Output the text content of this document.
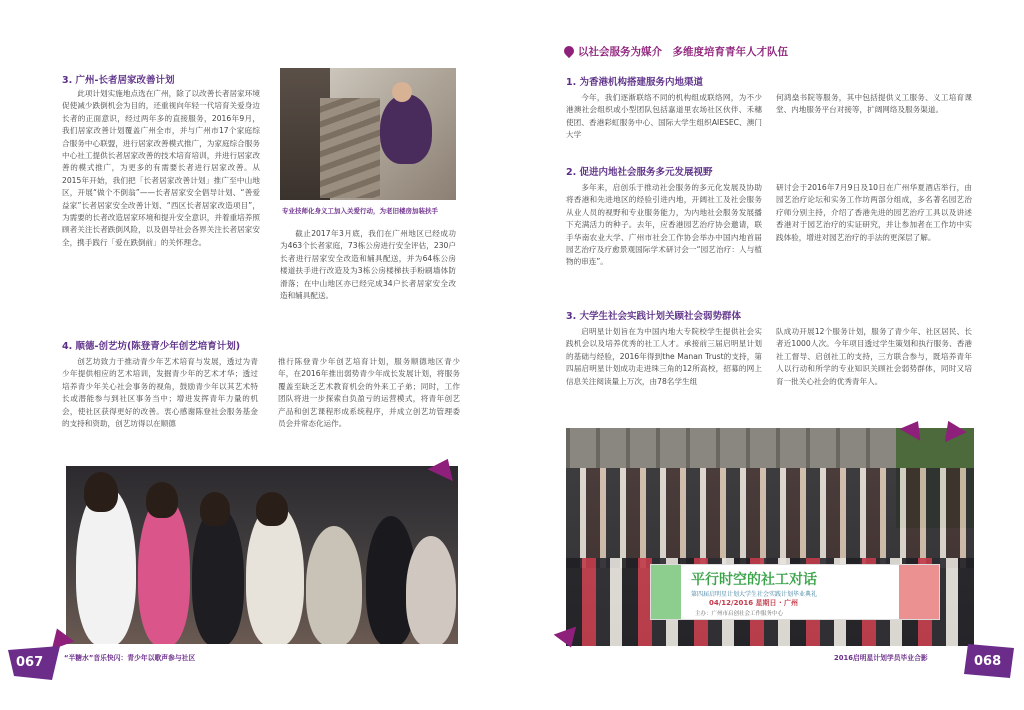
3. 广州-长者居家改善计划

此项计划实施地点选在广州，除了以改善长者居家环境促使减少跌倒机会为目的，还重视向年轻一代培育关爱身边长者的正面意识，经过两年多的直接服务，2016年9月，我们居家改善计划覆盖广州全市，并与广州市17个家庭综合服务中心联盟，进行居家改善模式推广，为家庭综合服务中心社工提供长者居家改善的技术培育培训，并进行居家改善的模式推广，为更多的有需要长者进行居家改善。从2015年开始，我们把「长者居家改善计划」推广至中山地区，开展“做个不倒翁”——长者居家安全倡导计划、“善爱益家”长者居家安全改善计划、“西区长者居家改造项目”，为需要的长者改造居家环境和提升安全意识，并着重培养照顾者关注长者跌倒风险，以及倡导社会各界关注长者居家安全，携手践行「爱在跌倒前」的关怀理念。

专业技师化身义工加入关爱行动，为老旧楼房加装扶手

截止2017年3月底，我们在广州地区已经成功为463个长者家庭，73栋公房进行安全评估，230户长者进行居家安全改造和辅具配送，并为64栋公房楼道扶手进行改造及为3栋公房楼梯扶手粉刷墙体防滑落；在中山地区亦已经完成34户长者居家安全改造和辅具配送。

4. 顺德-创艺坊(陈登青少年创艺培育计划)

创艺坊致力于推动青少年艺术培育与发展，透过为青少年提供相应的艺术培训，发掘青少年的艺术才华；透过培养青少年关心社会事务的视角，鼓励青少年以其艺术特长或潜能参与到社区事务当中；增进发挥青年力量的机会，使社区获得更好的改善。衷心感谢陈登社会服务基金的支持和资助，创艺坊得以在顺德

推行陈登青少年创艺培育计划，服务顺德地区青少年，在2016年推出弱势青少年成长发展计划，将服务覆盖至缺乏艺术教育机会的外来工子弟；同时，工作团队将进一步探索自负盈亏的运营模式，将青年创艺产品和创艺课程形成系统程序，并成立创艺坊管理委员会并常态化运作。

067	“半糖水”音乐快闪：青少年以歌声参与社区
以社会服务为媒介　多维度培育青年人才队伍
1. 为香港机构搭建服务内地渠道

今年，我们逐渐联络不同的机构组成联络网，为不少港澳社会组织或小型团队包括嘉道里农场社区伙伴、禾穗使团、香港彩虹服务中心、国际大学生组织AIESEC、澳门大学

何鸿燊书院等服务，其中包括提供义工服务、义工培育课堂、内地服务平台对接等，扩阔网络及服务渠道。

2. 促进内地社会服务多元发展视野

多年来，启创乐于推动社会服务的多元化发展及协助将香港和先进地区的经验引进内地，开阔社工及社会服务从业人员的视野和专业服务能力，为内地社会服务发展播下充满活力的种子。去年，应香港园艺治疗协会邀请，联手华南农业大学、广州市社会工作协会举办中国内地首届园艺治疗及疗愈景观国际学术研讨会一“园艺治疗：人与植物的串连”。

研讨会于2016年7月9日及10日在广州华夏酒店举行，由园艺治疗论坛和实务工作坊两部分组成，多名著名园艺治疗师分别主持，介绍了香港先进的园艺治疗工具以及讲述香港对于园艺治疗的实证研究，并让参加者在工作坊中实践体验，增进对园艺治疗的手法的更深层了解。

3. 大学生社会实践计划关顾社会弱势群体

启明星计划旨在为中国内地大专院校学生提供社会实践机会以及培养优秀的社工人才。承接前三届启明星计划的基础与经验，2016年得到the Manan Trust的支持，第四届启明星计划成功走进珠三角的12所高校，招募的网上信息关注阅读量上万次，由78名学生组

队成功开展12个服务计划，服务了青少年、社区居民、长者近1000人次。今年项目透过学生策划和执行服务、香港社工督导、启创社工的支持，三方联合参与，既培养青年人以行动和所学的专业知识关顾社会弱势群体，同时又培育一批关心社会的优秀青年人。

平行时空的社工对话
第四届启明星计划大学生社会实践计划毕业典礼
04/12/2016 星期日 · 广州
主办：广州市启创社会工作服务中心
2016启明星计划学员毕业合影	068
